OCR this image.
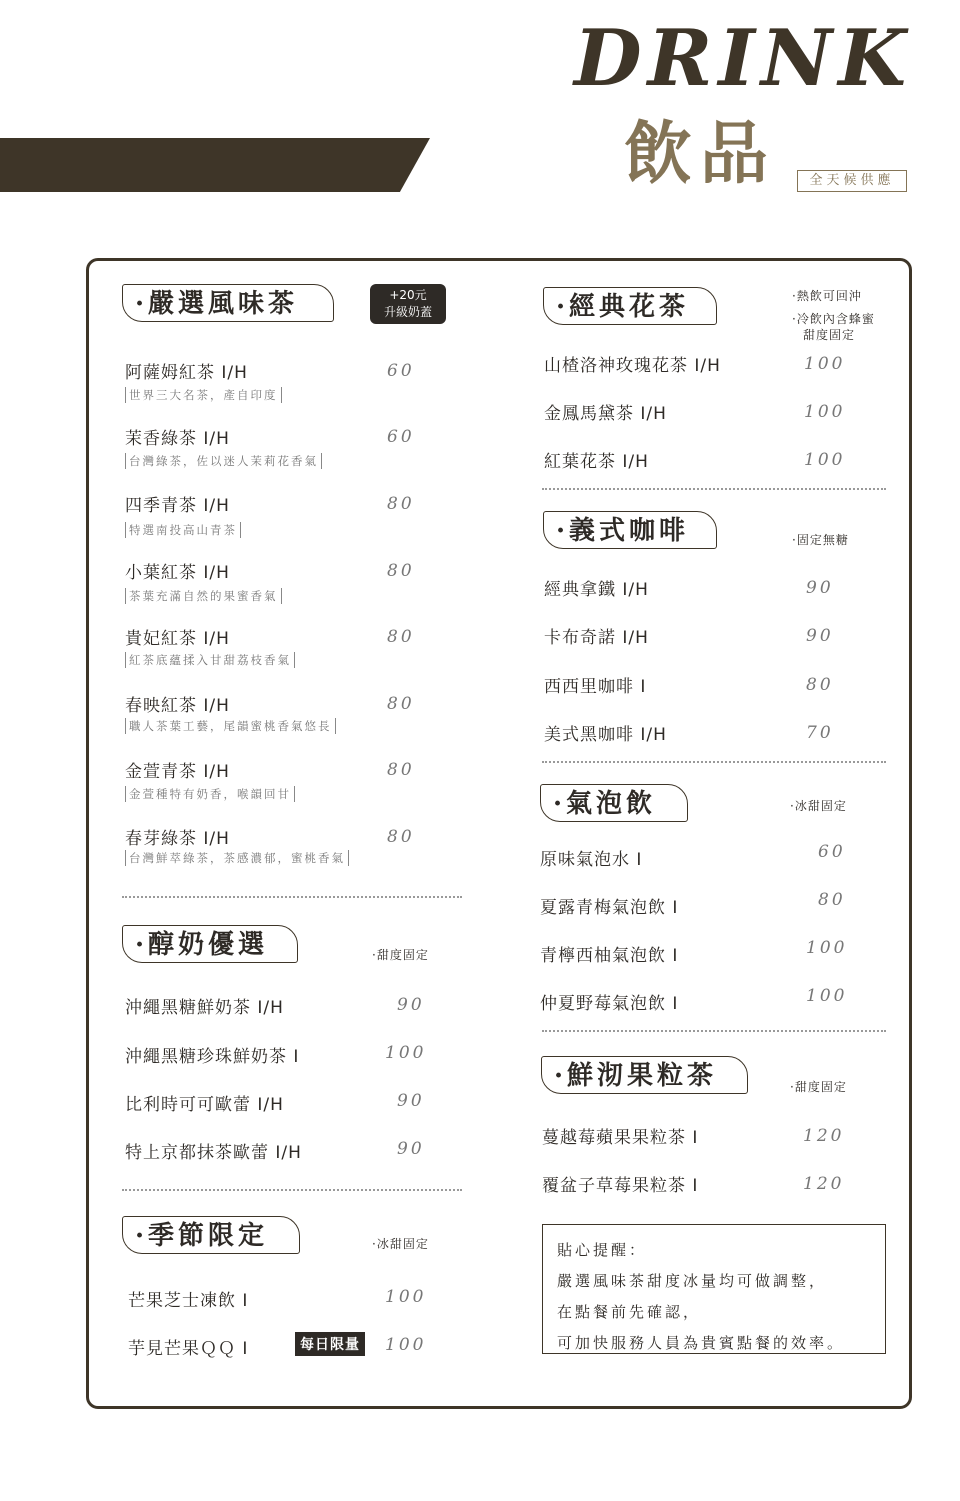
DRINK
飲品	全天候供應
·嚴選風味茶	+20元
升級奶蓋
阿薩姆紅茶 I/H	60
世界三大名茶，產自印度
茉香綠茶 I/H	60
台灣綠茶，佐以迷人茉莉花香氣
四季青茶 I/H	80
特選南投高山青茶
小葉紅茶 I/H	80
茶葉充滿自然的果蜜香氣
貴妃紅茶 I/H	80
紅茶底蘊揉入甘甜荔枝香氣
春映紅茶 I/H	80
職人茶葉工藝，尾韻蜜桃香氣悠長
金萱青茶 I/H	80
金萱種特有奶香，喉韻回甘
春芽綠茶 I/H	80
台灣鮮萃綠茶，茶感濃郁，蜜桃香氣
·醇奶優選	·甜度固定
沖繩黑糖鮮奶茶 I/H	90
沖繩黑糖珍珠鮮奶茶 I	100
比利時可可歐蕾 I/H	90
特上京都抹茶歐蕾 I/H	90
·季節限定	·冰甜固定
芒果芝士凍飲 I	100
芋見芒果ＱＱ I	每日限量 100
·經典花茶	·熱飲可回沖
·冷飲內含蜂蜜
甜度固定
山楂洛神玫瑰花茶 I/H	100
金鳳馬黛茶 I/H	100
紅葉花茶 I/H	100
·義式咖啡	·固定無糖
經典拿鐵 I/H	90
卡布奇諾 I/H	90
西西里咖啡 I	80
美式黑咖啡 I/H	70
·氣泡飲	·冰甜固定
原味氣泡水 I	60
夏露青梅氣泡飲 I	80
青檸西柚氣泡飲 I	100
仲夏野莓氣泡飲 I	100
·鮮沏果粒茶	·甜度固定
蔓越莓蘋果果粒茶 I	120
覆盆子草莓果粒茶 I	120
貼心提醒：
嚴選風味茶甜度冰量均可做調整，
在點餐前先確認，
可加快服務人員為貴賓點餐的效率。
